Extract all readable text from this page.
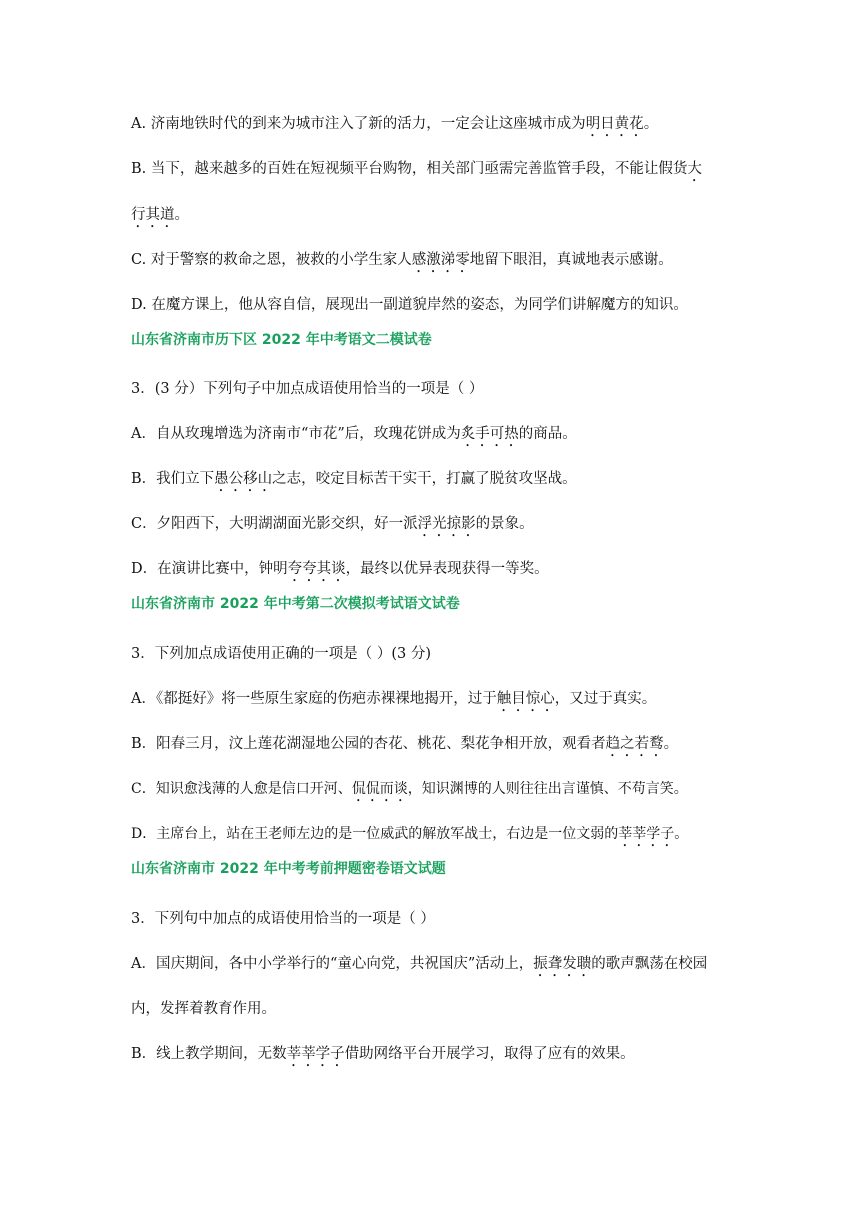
A. 济南地铁时代的到来为城市注入了新的活力，一定会让这座城市成为明日黄花。

B. 当下，越来越多的百姓在短视频平台购物，相关部门亟需完善监管手段，不能让假货大

行其道。

C. 对于警察的救命之恩，被救的小学生家人感激涕零地留下眼泪，真诚地表示感谢。

D. 在魔方课上，他从容自信，展现出一副道貌岸然的姿态，为同学们讲解魔方的知识。

山东省济南市历下区 2022 年中考语文二模试卷

3．(3 分）下列句子中加点成语使用恰当的一项是（ ）

A．自从玫瑰增选为济南市“市花”后，玫瑰花饼成为炙手可热的商品。

B．我们立下愚公移山之志，咬定目标苦干实干，打赢了脱贫攻坚战。

C．夕阳西下，大明湖湖面光影交织，好一派浮光掠影的景象。

D．在演讲比赛中，钟明夸夸其谈，最终以优异表现获得一等奖。

山东省济南市 2022 年中考第二次模拟考试语文试卷

3．下列加点成语使用正确的一项是（ ）(3 分)

A．《都挺好》将一些原生家庭的伤疤赤裸裸地揭开，过于触目惊心，又过于真实。

B．阳春三月，汶上莲花湖湿地公园的杏花、桃花、梨花争相开放，观看者趋之若鹜。

C．知识愈浅薄的人愈是信口开河、侃侃而谈，知识渊博的人则往往出言谨慎、不苟言笑。

D．主席台上，站在王老师左边的是一位威武的解放军战士，右边是一位文弱的莘莘学子。

山东省济南市 2022 年中考考前押题密卷语文试题

3．下列句中加点的成语使用恰当的一项是（ ）

A．国庆期间，各中小学举行的“童心向党，共祝国庆”活动上，振聋发聩的歌声飘荡在校园

内，发挥着教育作用。

B．线上教学期间，无数莘莘学子借助网络平台开展学习，取得了应有的效果。
